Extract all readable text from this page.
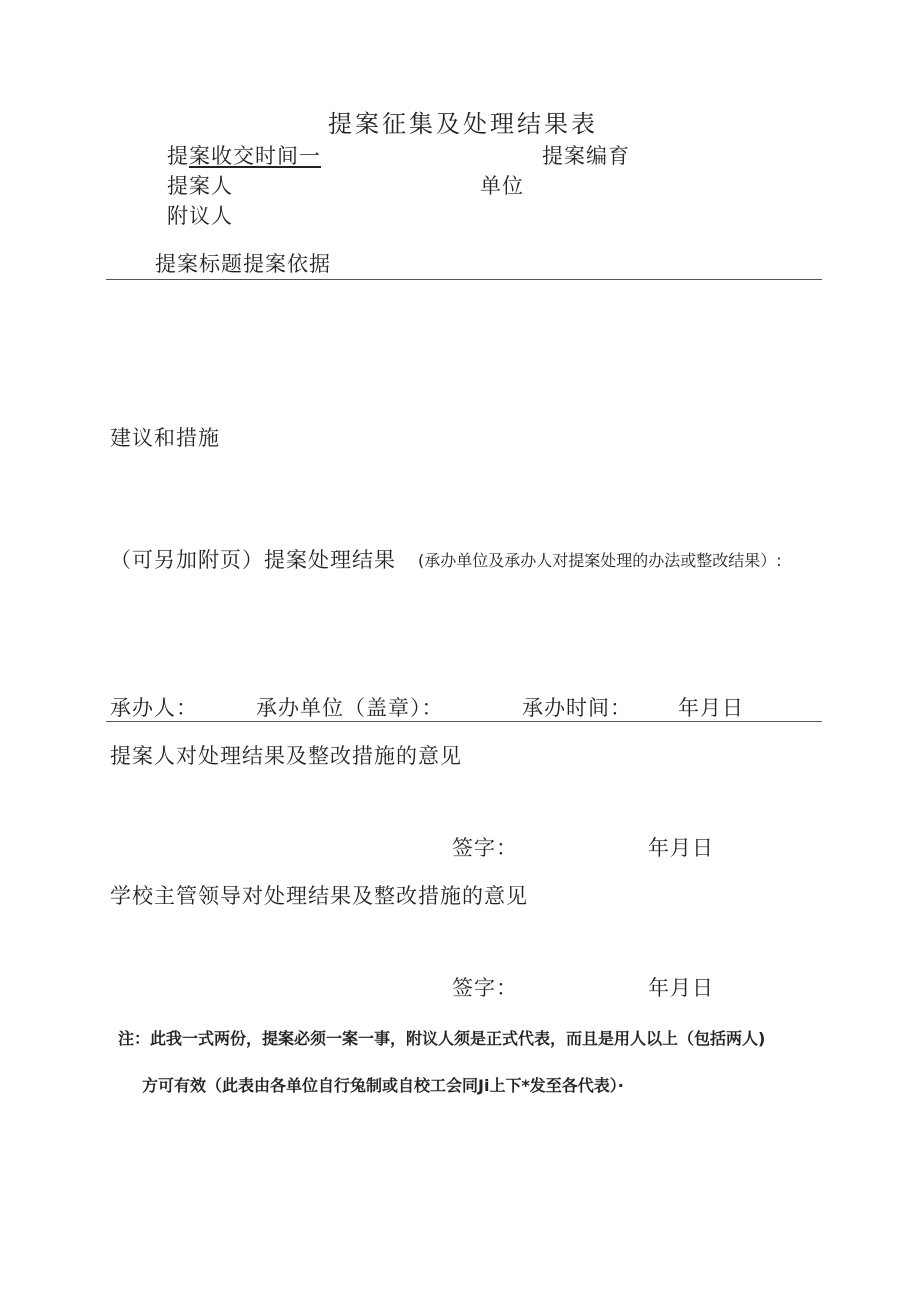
提案征集及处理结果表
提案收交时间一	提案编育
提案人	单位
附议人
提案标题提案依据
建议和措施
（可另加附页）提案处理结果 (承办单位及承办人对提案处理的办法或整改结果）:
承办人：	承办单位（盖章）：	承办时间： 年月日
提案人对处理结果及整改措施的意见
签字：	年月日
学校主管领导对处理结果及整改措施的意见
签字：	年月日
注：此我一式两份，提案必须一案一事，附议人须是正式代表，而且是用人以上（包括两人)
方可有效（此表由各单位自行兔制或自校工会同Ji上下*发至各代表）·
